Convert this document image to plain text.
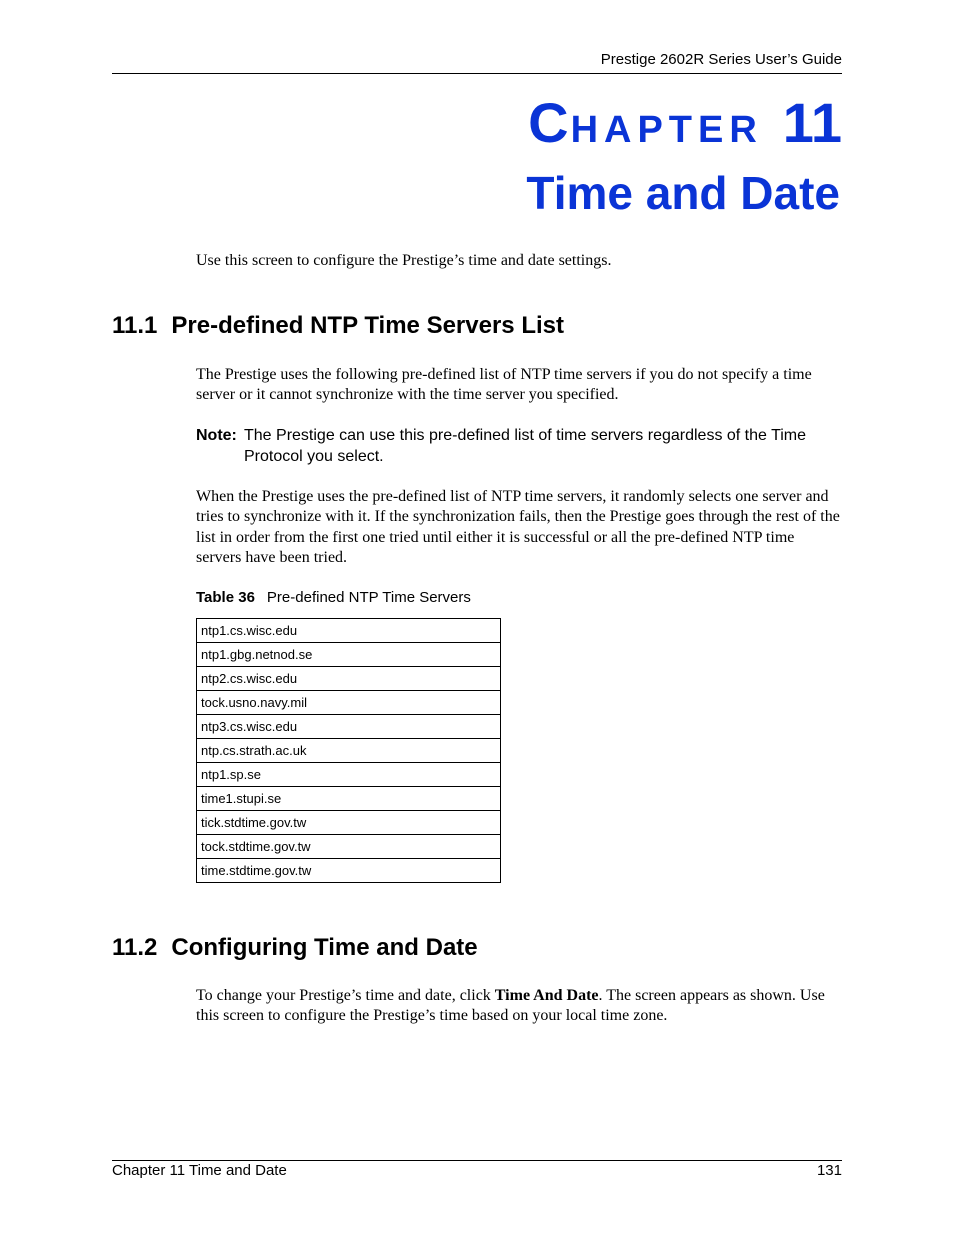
Prestige 2602R Series User’s Guide
CHAPTER 11
Time and Date
Use this screen to configure the Prestige’s time and date settings.
11.1 Pre-defined NTP Time Servers List
The Prestige uses the following pre-defined list of NTP time servers if you do not specify a time server or it cannot synchronize with the time server you specified.
Note: The Prestige can use this pre-defined list of time servers regardless of the Time
Protocol you select.
When the Prestige uses the pre-defined list of NTP time servers, it randomly selects one server and tries to synchronize with it. If the synchronization fails, then the Prestige goes through the rest of the list in order from the first one tried until either it is successful or all the pre-defined NTP time servers have been tried.
Table 36 Pre-defined NTP Time Servers
ntp1.cs.wisc.edu
ntp1.gbg.netnod.se
ntp2.cs.wisc.edu
tock.usno.navy.mil
ntp3.cs.wisc.edu
ntp.cs.strath.ac.uk
ntp1.sp.se
time1.stupi.se
tick.stdtime.gov.tw
tock.stdtime.gov.tw
time.stdtime.gov.tw
11.2 Configuring Time and Date
To change your Prestige’s time and date, click Time And Date. The screen appears as shown. Use this screen to configure the Prestige’s time based on your local time zone.
Chapter 11 Time and Date	131
